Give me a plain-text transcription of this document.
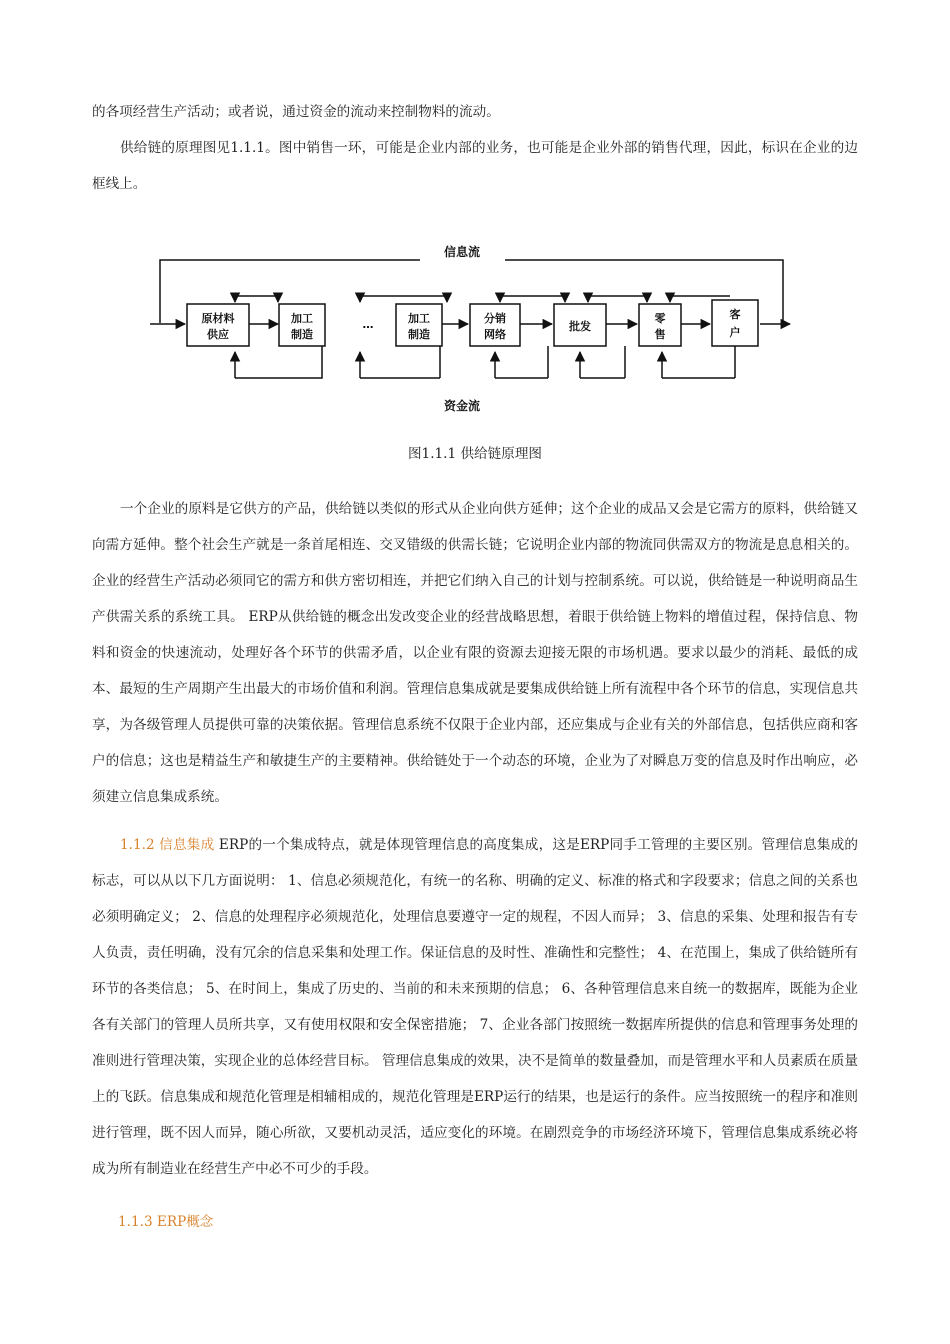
的各项经营生产活动；或者说，通过资金的流动来控制物料的流动。

供给链的原理图见1.1.1。图中销售一环，可能是企业内部的业务，也可能是企业外部的销售代理，因此，标识在企业的边框线上。

信息流
资金流
…
原材料
供应
加工
制造
加工
制造
分销
网络
批发
零
售
客
户
图1.1.1 供给链原理图

一个企业的原料是它供方的产品，供给链以类似的形式从企业向供方延伸；这个企业的成品又会是它需方的原料，供给链又向需方延伸。整个社会生产就是一条首尾相连、交叉错级的供需长链；它说明企业内部的物流同供需双方的物流是息息相关的。企业的经营生产活动必须同它的需方和供方密切相连，并把它们纳入自己的计划与控制系统。可以说，供给链是一种说明商品生产供需关系的系统工具。 ERP从供给链的概念出发改变企业的经营战略思想，着眼于供给链上物料的增值过程，保持信息、物料和资金的快速流动，处理好各个环节的供需矛盾，以企业有限的资源去迎接无限的市场机遇。要求以最少的消耗、最低的成本、最短的生产周期产生出最大的市场价值和利润。管理信息集成就是要集成供给链上所有流程中各个环节的信息，实现信息共享，为各级管理人员提供可靠的决策依据。管理信息系统不仅限于企业内部，还应集成与企业有关的外部信息，包括供应商和客户的信息；这也是精益生产和敏捷生产的主要精神。供给链处于一个动态的环境，企业为了对瞬息万变的信息及时作出响应，必须建立信息集成系统。

1.1.2 信息集成 ERP的一个集成特点，就是体现管理信息的高度集成，这是ERP同手工管理的主要区别。管理信息集成的标志，可以从以下几方面说明： 1、信息必须规范化，有统一的名称、明确的定义、标准的格式和字段要求；信息之间的关系也必须明确定义； 2、信息的处理程序必须规范化，处理信息要遵守一定的规程，不因人而异； 3、信息的采集、处理和报告有专人负责，责任明确，没有冗余的信息采集和处理工作。保证信息的及时性、准确性和完整性； 4、在范围上，集成了供给链所有环节的各类信息； 5、在时间上，集成了历史的、当前的和未来预期的信息； 6、各种管理信息来自统一的数据库，既能为企业各有关部门的管理人员所共享，又有使用权限和安全保密措施； 7、企业各部门按照统一数据库所提供的信息和管理事务处理的准则进行管理决策，实现企业的总体经营目标。 管理信息集成的效果，决不是简单的数量叠加，而是管理水平和人员素质在质量上的飞跃。信息集成和规范化管理是相辅相成的，规范化管理是ERP运行的结果，也是运行的条件。应当按照统一的程序和准则进行管理，既不因人而异，随心所欲，又要机动灵活，适应变化的环境。在剧烈竞争的市场经济环境下，管理信息集成系统必将成为所有制造业在经营生产中必不可少的手段。

1.1.3 ERP概念
